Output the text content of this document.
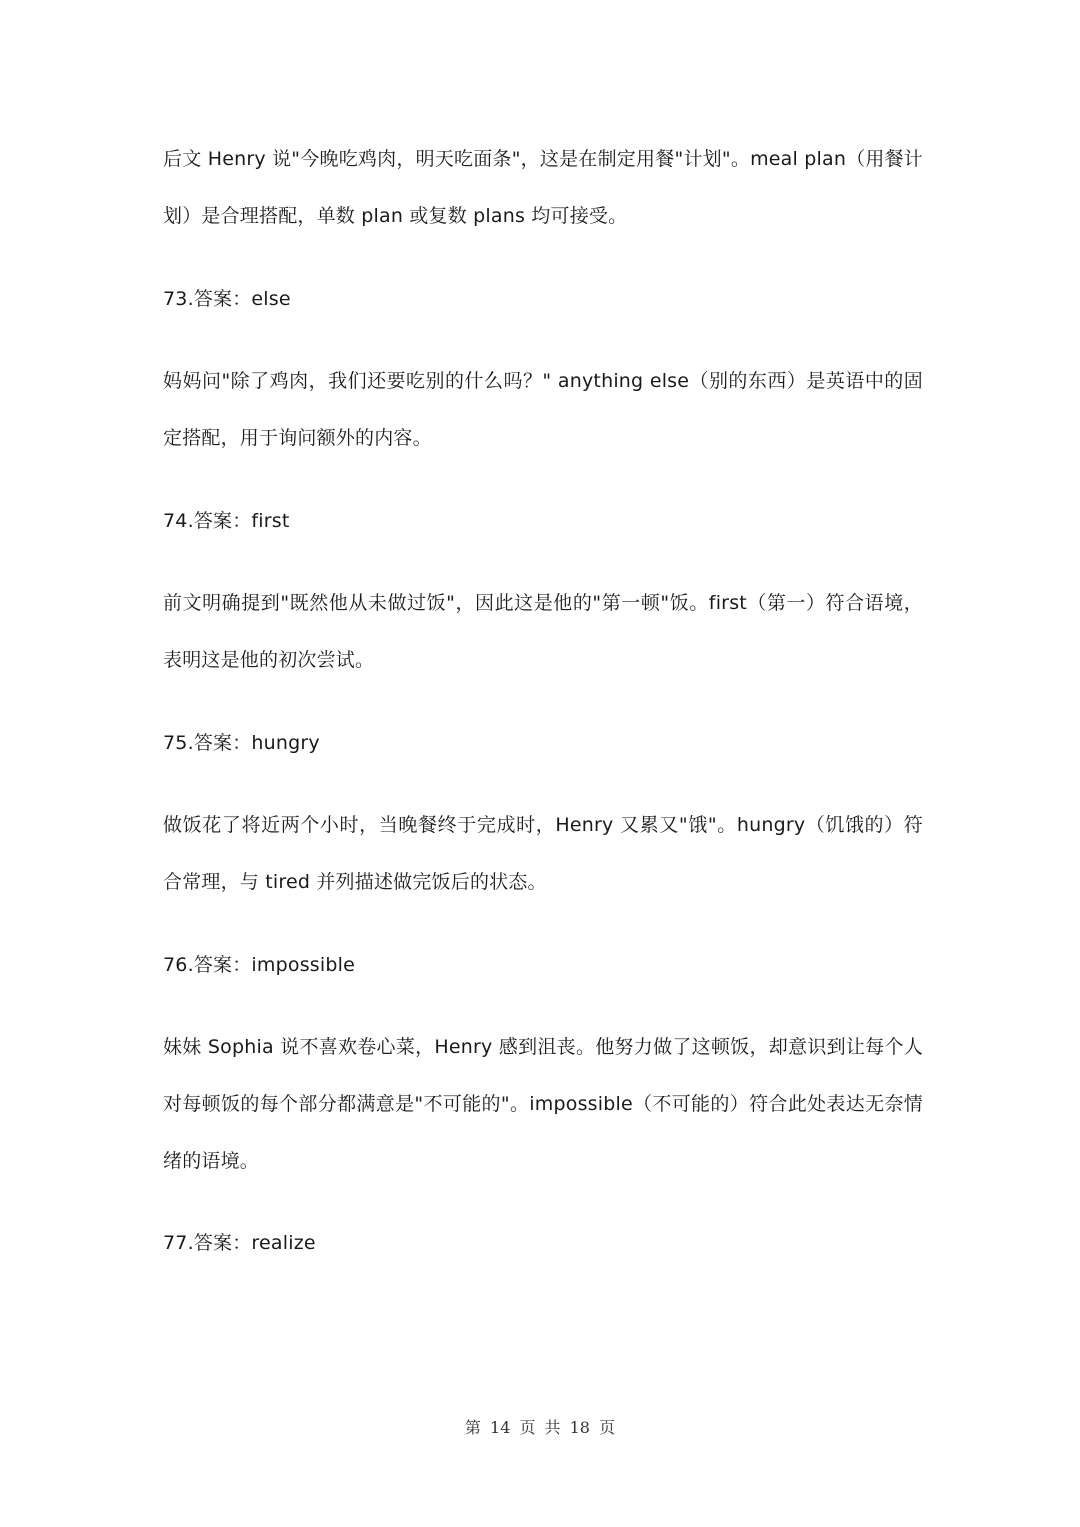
后文 Henry 说"今晚吃鸡肉，明天吃面条"，这是在制定用餐"计划"。meal plan（用餐计划）是合理搭配，单数 plan 或复数 plans 均可接受。

73.答案：else

妈妈问"除了鸡肉，我们还要吃别的什么吗？" anything else（别的东西）是英语中的固定搭配，用于询问额外的内容。

74.答案：first

前文明确提到"既然他从未做过饭"，因此这是他的"第一顿"饭。first（第一）符合语境，表明这是他的初次尝试。

75.答案：hungry

做饭花了将近两个小时，当晚餐终于完成时，Henry 又累又"饿"。hungry（饥饿的）符合常理，与 tired 并列描述做完饭后的状态。

76.答案：impossible

妹妹 Sophia 说不喜欢卷心菜，Henry 感到沮丧。他努力做了这顿饭，却意识到让每个人对每顿饭的每个部分都满意是"不可能的"。impossible（不可能的）符合此处表达无奈情绪的语境。

77.答案：realize

第 14 页 共 18 页
